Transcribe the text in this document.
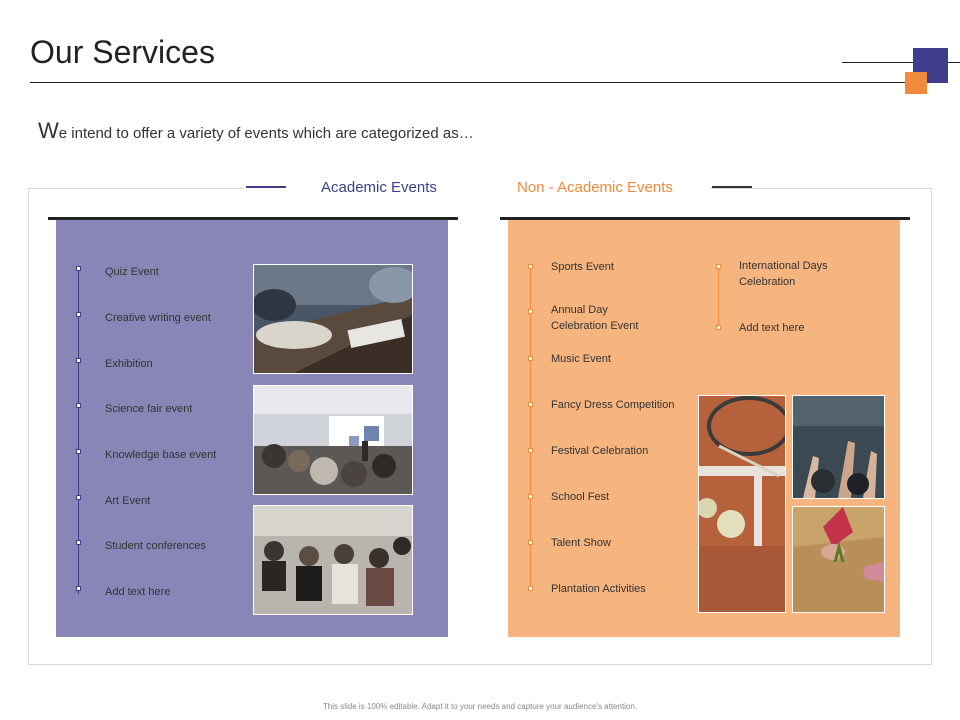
Our Services
We intend to offer a variety of events which are categorized as…
Academic Events	Non - Academic Events
Quiz Event
Creative writing event
Exhibition
Science fair event
Knowledge base event
Art Event
Student conferences
Add text here
Sports Event
Annual Day
Celebration Event
Music Event
Fancy Dress Competition
Festival Celebration
School Fest
Talent Show
Plantation Activities
International Days
Celebration
Add text here
This slide is 100% editable. Adapt it to your needs and capture your audience's attention.
